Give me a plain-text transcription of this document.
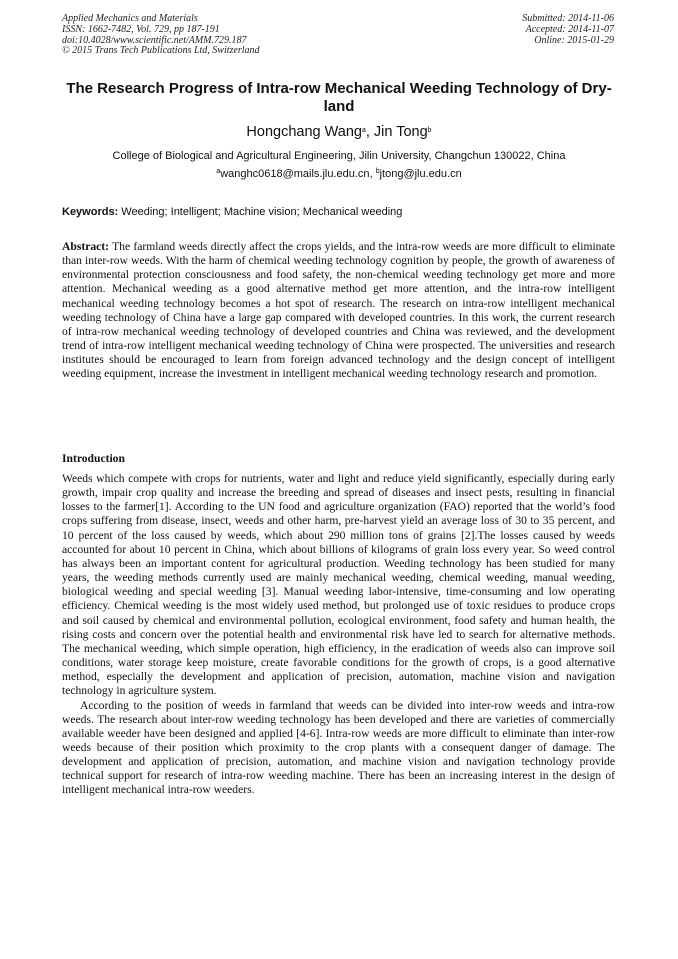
Applied Mechanics and Materials
ISSN: 1662-7482, Vol. 729, pp 187-191
doi:10.4028/www.scientific.net/AMM.729.187
© 2015 Trans Tech Publications Ltd, Switzerland
Submitted: 2014-11-06
Accepted: 2014-11-07
Online: 2015-01-29
The Research Progress of Intra-row Mechanical Weeding Technology of Dry-land
Hongchang Wang$^a$, Jin Tong$^b$
College of Biological and Agricultural Engineering, Jilin University, Changchun 130022, China
$^a$wanghc0618@mails.jlu.edu.cn, $^b$jtong@jlu.edu.cn
Keywords: Weeding; Intelligent; Machine vision; Mechanical weeding
Abstract: The farmland weeds directly affect the crops yields, and the intra-row weeds are more difficult to eliminate than inter-row weeds. With the harm of chemical weeding technology cognition by people, the growth of awareness of environmental protection consciousness and food safety, the non-chemical weeding technology get more and more attention. Mechanical weeding as a good alternative method get more attention, and the intra-row intelligent mechanical weeding technology becomes a hot spot of research. The research on intra-row intelligent mechanical weeding technology of China have a large gap compared with developed countries. In this work, the current research of intra-row mechanical weeding technology of developed countries and China was reviewed, and the development trend of intra-row intelligent mechanical weeding technology of China were prospected. The universities and research institutes should be encouraged to learn from foreign advanced technology and the design concept of intelligent weeding equipment, increase the investment in intelligent mechanical weeding technology research and promotion.
Introduction

Weeds which compete with crops for nutrients, water and light and reduce yield significantly, especially during early growth, impair crop quality and increase the breeding and spread of diseases and insect pests, resulting in financial losses to the farmer[1]. According to the UN food and agriculture organization (FAO) reported that the world’s food crops suffering from disease, insect, weeds and other harm, pre-harvest yield an average loss of 30 to 35 percent, and 10 percent of the loss caused by weeds, which about 290 million tons of grains [2].The losses caused by weeds accounted for about 10 percent in China, which about billions of kilograms of grain loss every year. So weed control has always been an important content for agricultural production. Weeding technology has been studied for many years, the weeding methods currently used are mainly mechanical weeding, chemical weeding, manual weeding, biological weeding and special weeding [3]. Manual weeding labor-intensive, time-consuming and low operating efficiency. Chemical weeding is the most widely used method, but prolonged use of toxic residues to produce crops and soil caused by chemical and environmental pollution, ecological environment, food safety and human health, the rising costs and concern over the potential health and environmental risk have led to search for alternative methods. The mechanical weeding, which simple operation, high efficiency, in the eradication of weeds also can improve soil conditions, water storage keep moisture, create favorable conditions for the growth of crops, is a good alternative method, especially the development and application of precision, automation, machine vision and navigation technology in agriculture system.

According to the position of weeds in farmland that weeds can be divided into inter-row weeds and intra-row weeds. The research about inter-row weeding technology has been developed and there are varieties of commercially available weeder have been designed and applied [4-6]. Intra-row weeds are more difficult to eliminate than inter-row weeds because of their position which proximity to the crop plants with a consequent danger of damage. The development and application of precision, automation, and machine vision and navigation technology provide technical support for research of intra-row weeding machine. There has been an increasing interest in the design of intelligent mechanical intra-row weeders.
